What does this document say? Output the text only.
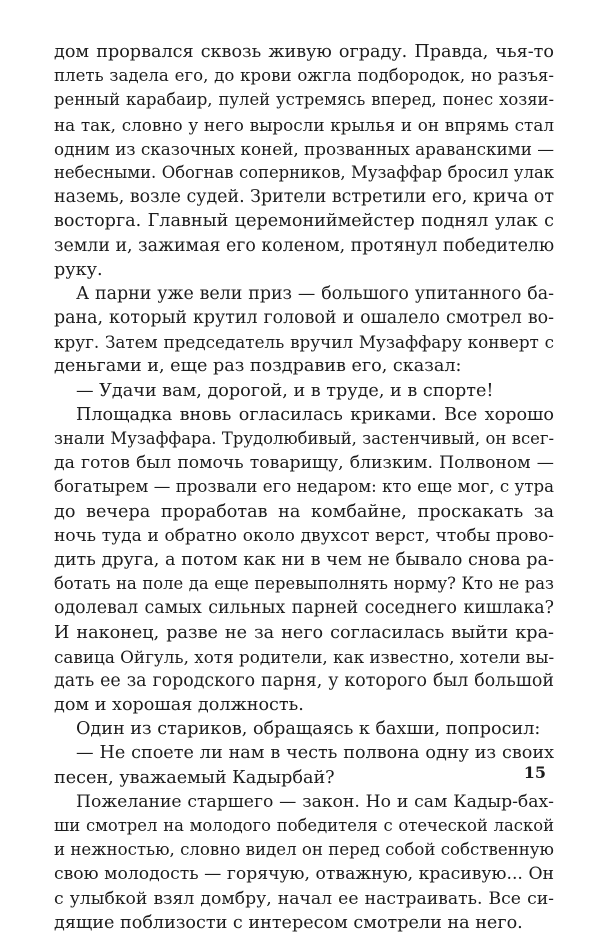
дом прорвался сквозь живую ограду. Правда, чья-то
плеть задела его, до крови ожгла подбородок, но разъя-
ренный карабаир, пулей устремясь вперед, понес хозяи-
на так, словно у него выросли крылья и он впрямь стал
одним из сказочных коней, прозванных араванскими —
небесными. Обогнав соперников, Музаффар бросил улак
наземь, возле судей. Зрители встретили его, крича от
восторга. Главный церемониймейстер поднял улак с
земли и, зажимая его коленом, протянул победителю
руку.
А парни уже вели приз — большого упитанного ба-
рана, который крутил головой и ошалело смотрел во-
круг. Затем председатель вручил Музаффару конверт с
деньгами и, еще раз поздравив его, сказал:
— Удачи вам, дорогой, и в труде, и в спорте!
Площадка вновь огласилась криками. Все хорошо
знали Музаффара. Трудолюбивый, застенчивый, он всег-
да готов был помочь товарищу, близким. Полвоном —
богатырем — прозвали его недаром: кто еще мог, с утра
до вечера проработав на комбайне, проскакать за
ночь туда и обратно около двухсот верст, чтобы прово-
дить друга, а потом как ни в чем не бывало снова ра-
ботать на поле да еще перевыполнять норму? Кто не раз
одолевал самых сильных парней соседнего кишлака?
И наконец, разве не за него согласилась выйти кра-
савица Ойгуль, хотя родители, как известно, хотели вы-
дать ее за городского парня, у которого был большой
дом и хорошая должность.
Один из стариков, обращаясь к бахши, попросил:
— Не споете ли нам в честь полвона одну из своих
песен, уважаемый Кадырбай?
Пожелание старшего — закон. Но и сам Кадыр-бах-
ши смотрел на молодого победителя с отеческой лаской
и нежностью, словно видел он перед собой собственную
свою молодость — горячую, отважную, красивую... Он
с улыбкой взял домбру, начал ее настраивать. Все си-
дящие поблизости с интересом смотрели на него.
15
